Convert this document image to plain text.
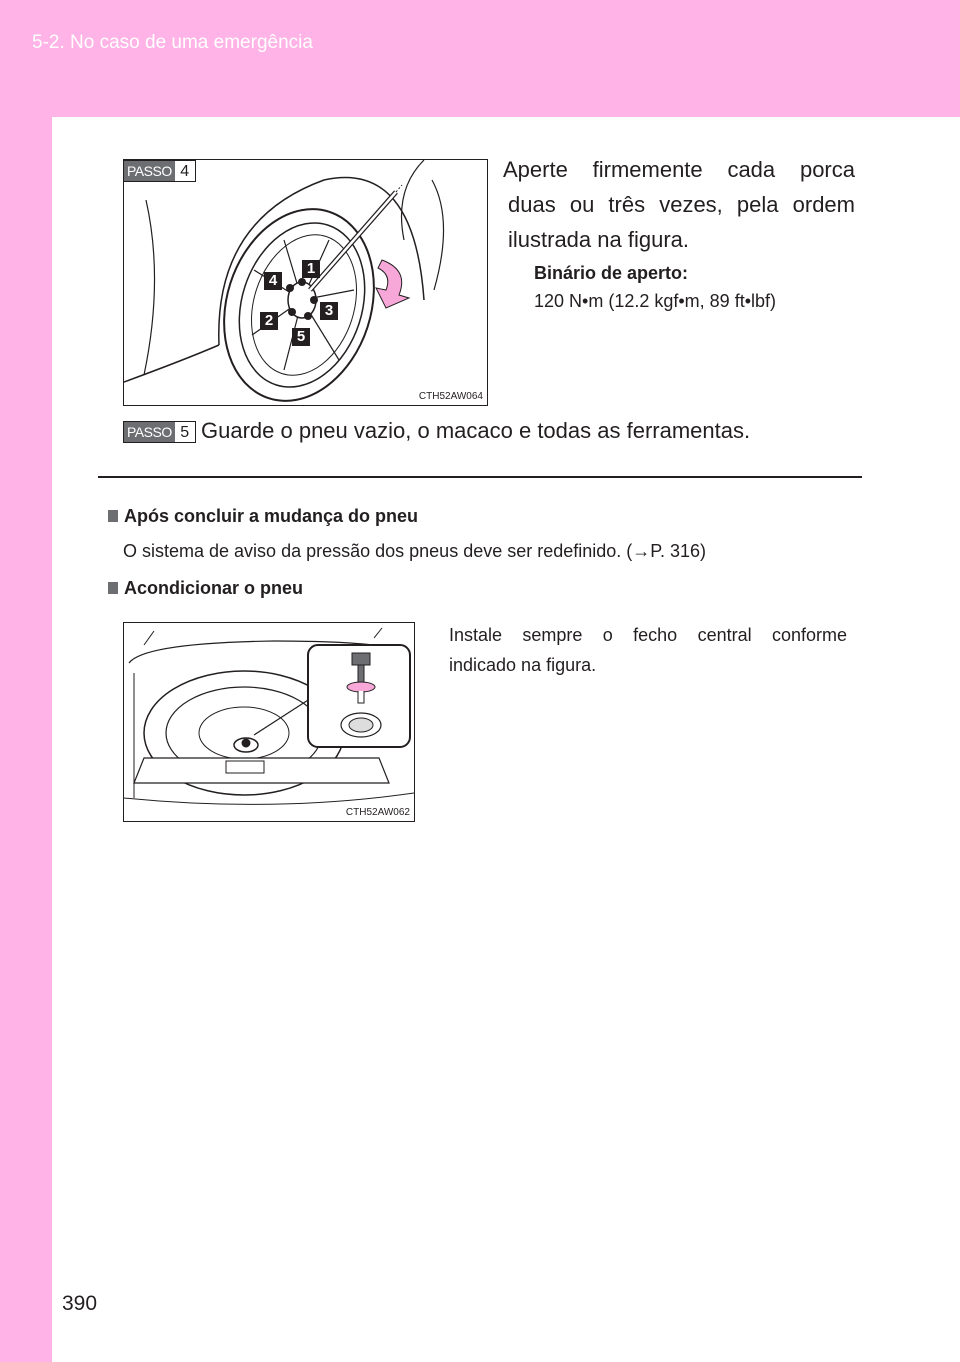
5-2. No caso de uma emergência
1
4
3
2
5
CTH52AW064
PASSO 4	Aperte firmemente cada porca
duas ou três vezes, pela ordem ilustrada na figura.
Binário de aperto:
120 N•m (12.2 kgf•m, 89 ft•lbf)
PASSO 5 Guarde o pneu vazio, o macaco e todas as ferramentas.
Após concluir a mudança do pneu
O sistema de aviso da pressão dos pneus deve ser redefinido. (→P. 316)
Acondicionar o pneu
CTH52AW062
Instale sempre o fecho central conforme
indicado na figura.
390
